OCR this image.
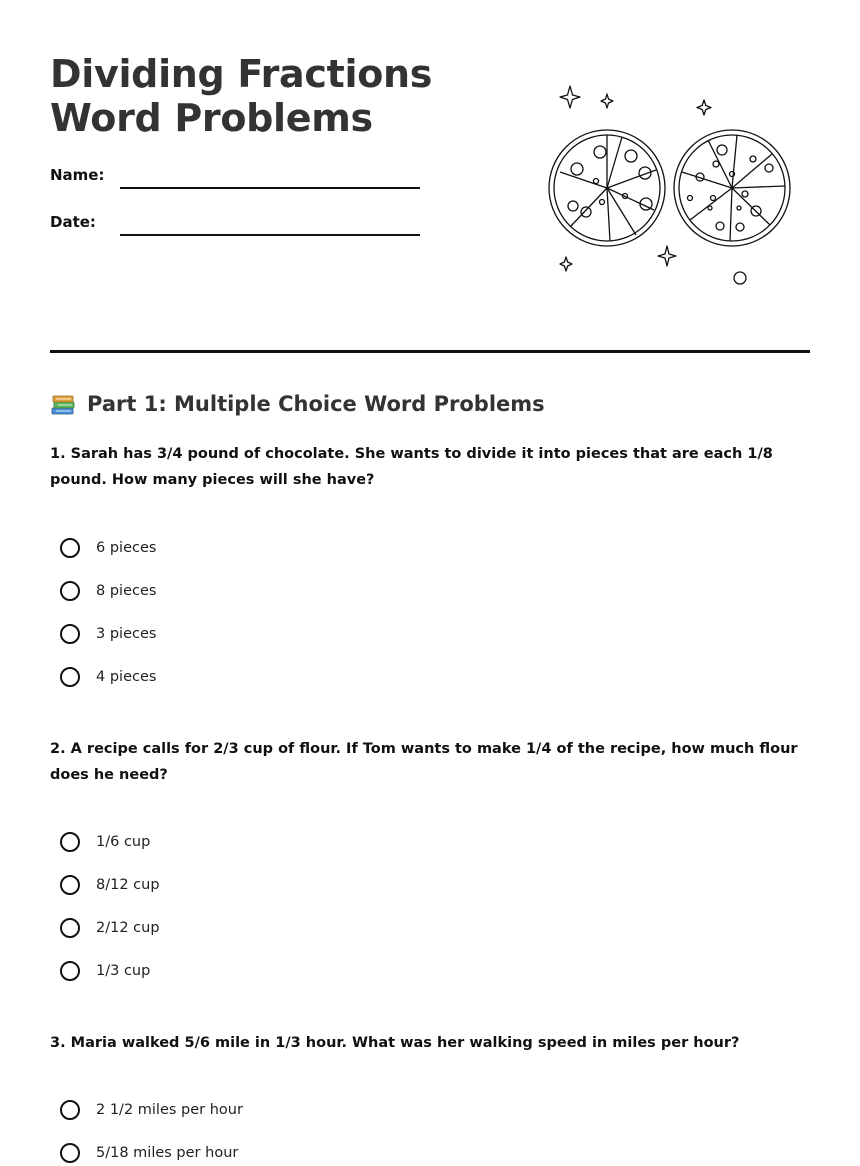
Dividing Fractions Word Problems
Name:
Date:
Part 1: Multiple Choice Word Problems

1. Sarah has 3/4 pound of chocolate. She wants to divide it into pieces that are each 1/8 pound. How many pieces will she have?

6 pieces
8 pieces
3 pieces
4 pieces

2. A recipe calls for 2/3 cup of flour. If Tom wants to make 1/4 of the recipe, how much flour does he need?

1/6 cup
8/12 cup
2/12 cup
1/3 cup

3. Maria walked 5/6 mile in 1/3 hour. What was her walking speed in miles per hour?

2 1/2 miles per hour
5/18 miles per hour
